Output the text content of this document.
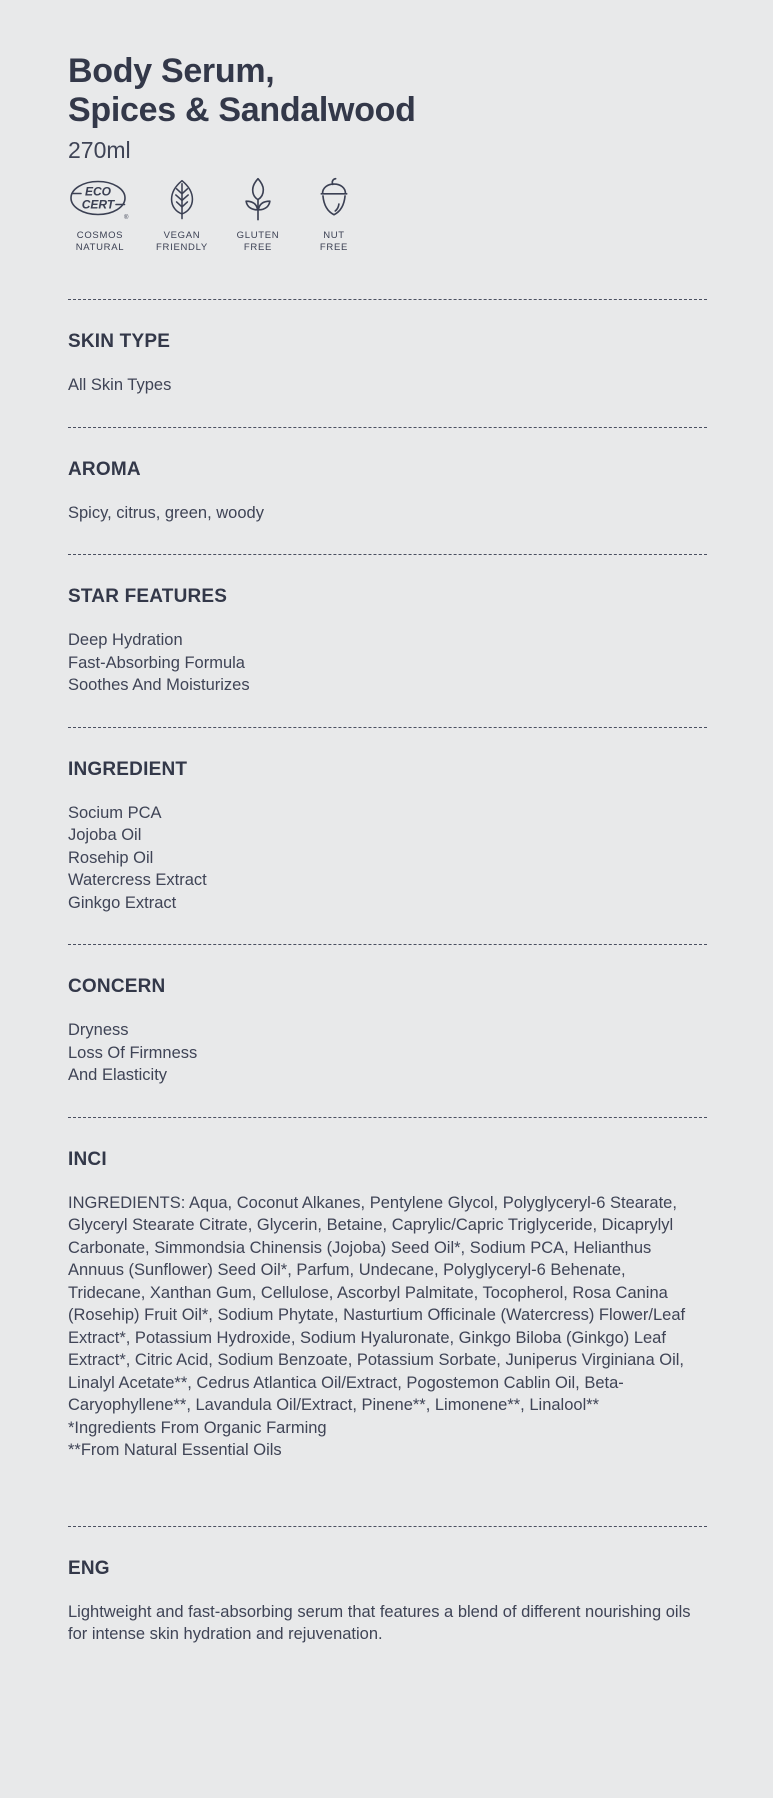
Body Serum,
Spices & Sandalwood
270ml
ECO
CERT
®
COSMOS
NATURAL
VEGAN
FRIENDLY
GLUTEN
FREE
NUT
FREE
SKIN TYPE
All Skin Types
AROMA
Spicy, citrus, green, woody
STAR FEATURES
Deep Hydration
Fast-Absorbing Formula
Soothes And Moisturizes
INGREDIENT
Socium PCA
Jojoba Oil
Rosehip Oil
Watercress Extract
Ginkgo Extract
CONCERN
Dryness
Loss Of Firmness
And Elasticity
INCI
INGREDIENTS: Aqua, Coconut Alkanes, Pentylene Glycol, Polyglyceryl-6 Stearate, Glyceryl Stearate Citrate, Glycerin, Betaine, Caprylic/Capric Triglyceride, Dicaprylyl Carbonate, Simmondsia Chinensis (Jojoba) Seed Oil*, Sodium PCA, Helianthus Annuus (Sunflower) Seed Oil*, Parfum, Undecane, Polyglyceryl-6 Behenate, Tridecane, Xanthan Gum, Cellulose, Ascorbyl Palmitate, Tocopherol, Rosa Canina (Rosehip) Fruit Oil*, Sodium Phytate, Nasturtium Officinale (Watercress) Flower/Leaf Extract*, Potassium Hydroxide, Sodium Hyaluronate, Ginkgo Biloba (Ginkgo) Leaf Extract*, Citric Acid, Sodium Benzoate, Potassium Sorbate, Juniperus Virginiana Oil, Linalyl Acetate**, Cedrus Atlantica Oil/Extract, Pogostemon Cablin Oil, Beta-Caryophyllene**, Lavandula Oil/Extract, Pinene**, Limonene**, Linalool**
*Ingredients From Organic Farming
**From Natural Essential Oils
ENG
Lightweight and fast-absorbing serum that features a blend of different nourishing oils for intense skin hydration and rejuvenation.
